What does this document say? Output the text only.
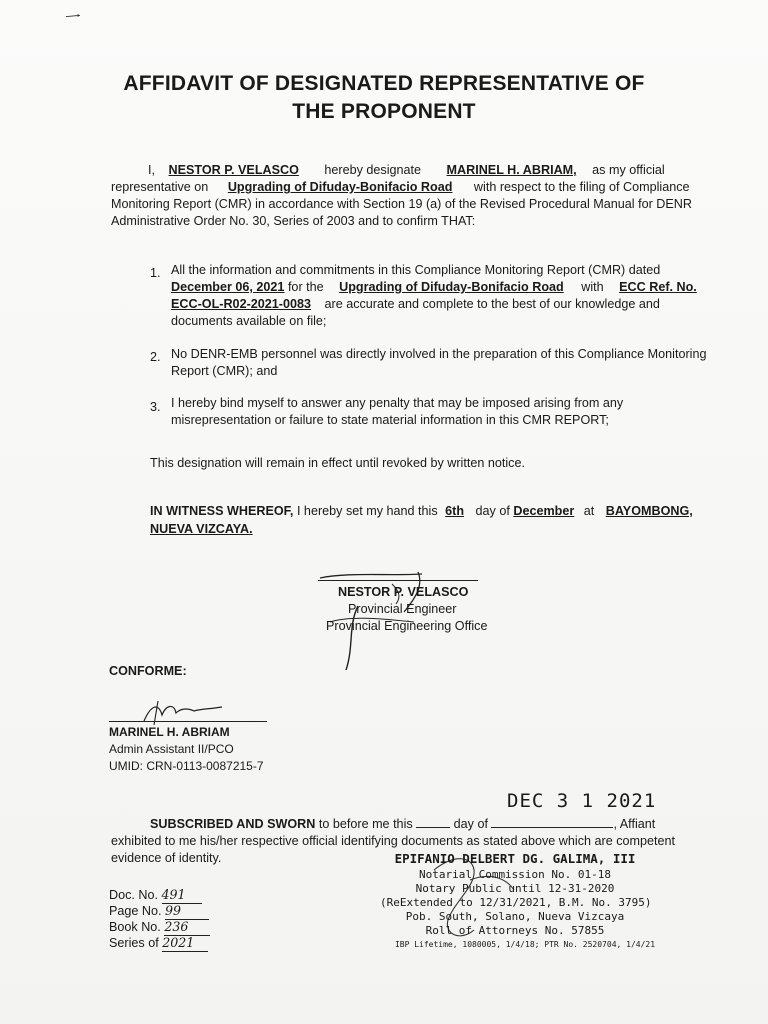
AFFIDAVIT OF DESIGNATED REPRESENTATIVE OF
THE PROPONENT
I, NESTOR P. VELASCO hereby designate MARINEL H. ABRIAM, as my official
representative on Upgrading of Difuday-Bonifacio Road with respect to the filing of Compliance
Monitoring Report (CMR) in accordance with Section 19 (a) of the Revised Procedural Manual for DENR
Administrative Order No. 30, Series of 2003 and to confirm THAT:
1. All the information and commitments in this Compliance Monitoring Report (CMR) dated
December 06, 2021 for the Upgrading of Difuday-Bonifacio Road with ECC Ref. No.
ECC-OL-R02-2021-0083 are accurate and complete to the best of our knowledge and
documents available on file;
2. No DENR-EMB personnel was directly involved in the preparation of this Compliance Monitoring
Report (CMR); and
3. I hereby bind myself to answer any penalty that may be imposed arising from any
misrepresentation or failure to state material information in this CMR REPORT;
This designation will remain in effect until revoked by written notice.
IN WITNESS WHEREOF, I hereby set my hand this 6th day of December at BAYOMBONG,
NUEVA VIZCAYA.
NESTOR P. VELASCO
Provincial Engineer
Provincial Engineering Office
CONFORME:
MARINEL H. ABRIAM
Admin Assistant II/PCO
UMID: CRN-0113-0087215-7
DEC 3 1 2021
SUBSCRIBED AND SWORN to before me this	day of	, Affiant
exhibited to me his/her respective official identifying documents as stated above which are competent
evidence of identity.	EPIFANIO DELBERT DG. GALIMA, III
Notarial Commission No. 01-18
Notary Public until 12-31-2020
(ReExtended to 12/31/2021, B.M. No. 3795)
Pob. South, Solano, Nueva Vizcaya
Roll of Attorneys No. 57855
IBP Lifetime, 1080005, 1/4/18; PTR No. 2520704, 1/4/21
Doc. No. 491
Page No. 99
Book No. 236
Series of 2021
